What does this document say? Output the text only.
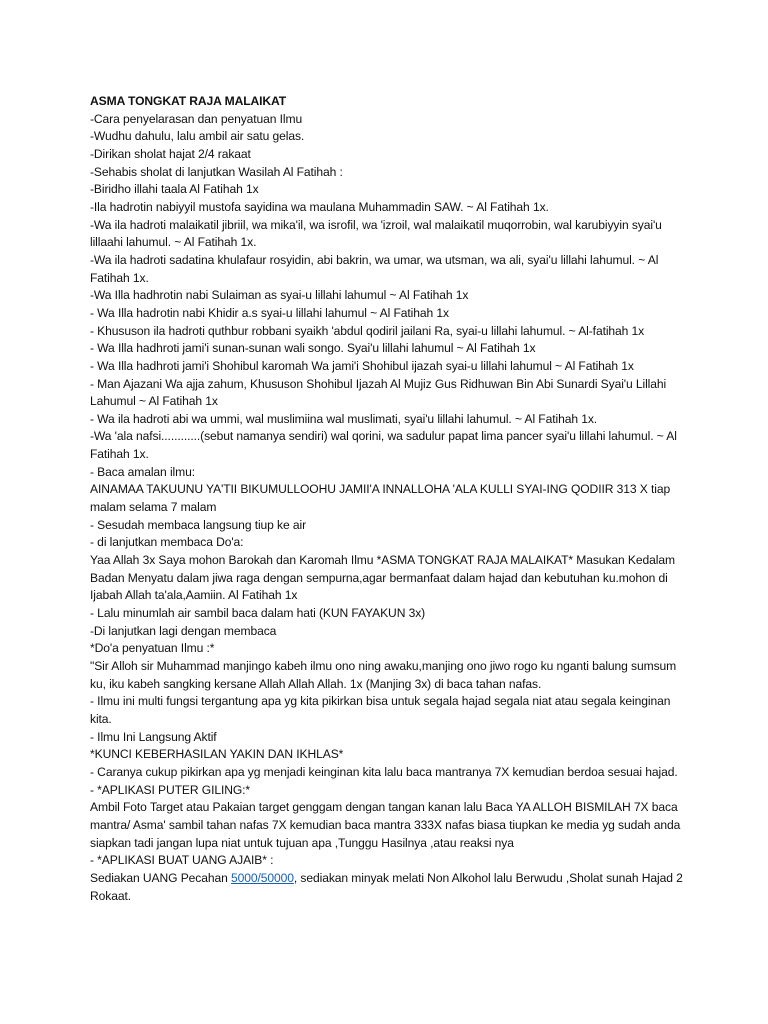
ASMA TONGKAT RAJA MALAIKAT
-Cara penyelarasan dan penyatuan Ilmu
-Wudhu dahulu, lalu ambil air satu gelas.
-Dirikan sholat hajat 2/4 rakaat
-Sehabis sholat di lanjutkan Wasilah Al Fatihah :
-Biridho illahi taala Al Fatihah 1x
-Ila hadrotin nabiyyil mustofa sayidina wa maulana Muhammadin SAW. ~ Al Fatihah 1x.
-Wa ila hadroti malaikatil jibriil, wa mika'il, wa isrofil, wa 'izroil, wal malaikatil muqorrobin, wal karubiyyin syai'u lillaahi lahumul. ~ Al Fatihah 1x.
-Wa ila hadroti sadatina khulafaur rosyidin, abi bakrin, wa umar, wa utsman, wa ali, syai'u lillahi lahumul. ~ Al Fatihah 1x.
-Wa Illa hadhrotin nabi Sulaiman as syai-u lillahi lahumul ~ Al Fatihah 1x
- Wa Illa hadrotin nabi Khidir a.s syai-u lillahi lahumul ~ Al Fatihah 1x
- Khususon ila hadroti quthbur robbani syaikh 'abdul qodiril jailani Ra, syai-u lillahi lahumul. ~ Al-fatihah 1x
- Wa Illa hadhroti jami'i sunan-sunan wali songo. Syai'u lillahi lahumul ~ Al Fatihah 1x
- Wa Illa hadhroti jami'i Shohibul karomah Wa jami'i Shohibul ijazah syai-u lillahi lahumul ~ Al Fatihah 1x
- Man Ajazani Wa ajja zahum, Khususon Shohibul Ijazah Al Mujiz Gus Ridhuwan Bin Abi Sunardi Syai'u Lillahi Lahumul ~ Al Fatihah 1x
- Wa ila hadroti abi wa ummi, wal muslimiina wal muslimati, syai'u lillahi lahumul. ~ Al Fatihah 1x.
-Wa 'ala nafsi............(sebut namanya sendiri) wal qorini, wa sadulur papat lima pancer syai'u lillahi lahumul. ~ Al Fatihah 1x.
- Baca amalan ilmu:
AINAMAA TAKUUNU YA'TII BIKUMULLOOHU JAMII'A INNALLOHA 'ALA KULLI SYAI-ING QODIIR 313 X tiap malam selama 7 malam
- Sesudah membaca langsung tiup ke air
- di lanjutkan membaca Do'a:
Yaa Allah 3x Saya mohon Barokah dan Karomah Ilmu *ASMA TONGKAT RAJA MALAIKAT* Masukan Kedalam Badan Menyatu dalam jiwa raga dengan sempurna,agar bermanfaat dalam hajad dan kebutuhan ku.mohon di Ijabah Allah ta'ala,Aamiin. Al Fatihah 1x
- Lalu minumlah air sambil baca dalam hati (KUN FAYAKUN 3x)
-Di lanjutkan lagi dengan membaca
*Do'a penyatuan Ilmu :*
"Sir Alloh sir Muhammad manjingo kabeh ilmu ono ning awaku,manjing ono jiwo rogo ku nganti balung sumsum ku, iku kabeh sangking kersane Allah Allah Allah. 1x (Manjing 3x) di baca tahan nafas.
- Ilmu ini multi fungsi tergantung apa yg kita pikirkan bisa untuk segala hajad segala niat atau segala keinginan kita.
- Ilmu Ini Langsung Aktif
*KUNCI KEBERHASILAN YAKIN DAN IKHLAS*
- Caranya cukup pikirkan apa yg menjadi keinginan kita lalu baca mantranya 7X kemudian berdoa sesuai hajad.
- *APLIKASI PUTER GILING:*
Ambil Foto Target atau Pakaian target genggam dengan tangan kanan lalu Baca YA ALLOH BISMILAH 7X baca mantra/ Asma' sambil tahan nafas 7X kemudian baca mantra 333X nafas biasa tiupkan ke media yg sudah anda siapkan tadi jangan lupa niat untuk tujuan apa ,Tunggu Hasilnya ,atau reaksi nya
- *APLIKASI BUAT UANG AJAIB* :
Sediakan UANG Pecahan 5000/50000, sediakan minyak melati Non Alkohol lalu Berwudu ,Sholat sunah Hajad 2 Rokaat.
